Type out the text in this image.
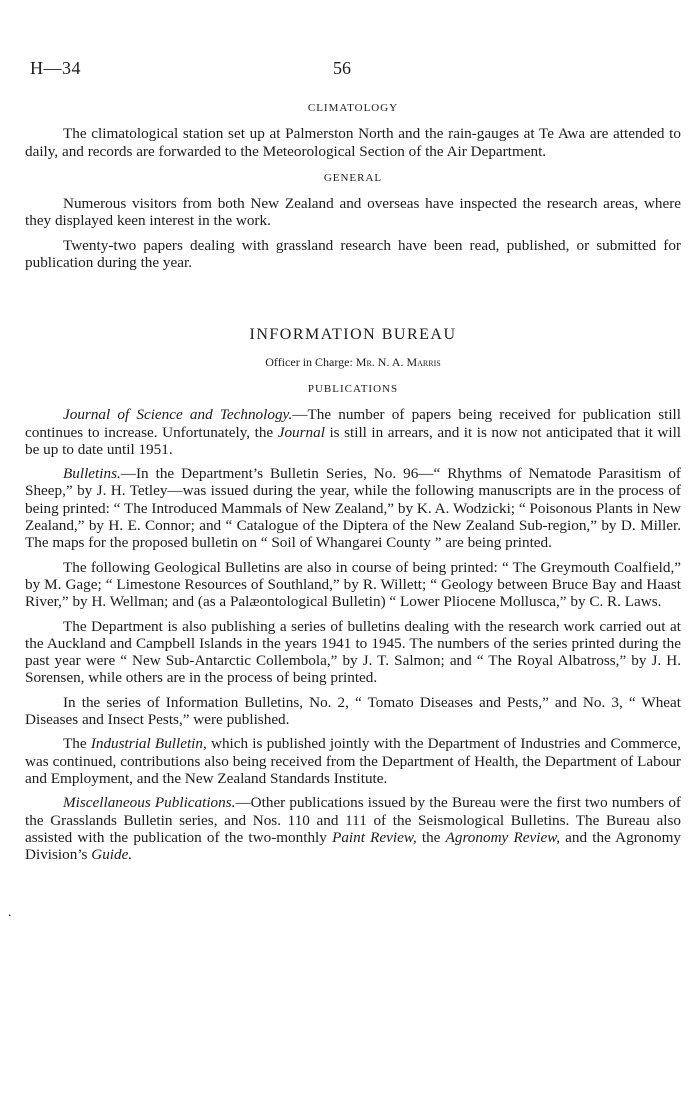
H—34	56
.
CLIMATOLOGY

The climatological station set up at Palmerston North and the rain-gauges at Te Awa are attended to daily, and records are forwarded to the Meteorological Section of the Air Department.

GENERAL

Numerous visitors from both New Zealand and overseas have inspected the research areas, where they displayed keen interest in the work.

Twenty-two papers dealing with grassland research have been read, published, or submitted for publication during the year.

INFORMATION BUREAU
Officer in Charge: Mr. N. A. Marris
PUBLICATIONS

Journal of Science and Technology.—The number of papers being received for publication still continues to increase. Unfortunately, the Journal is still in arrears, and it is now not anticipated that it will be up to date until 1951.

Bulletins.—In the Department’s Bulletin Series, No. 96—“ Rhythms of Nematode Parasitism of Sheep,” by J. H. Tetley—was issued during the year, while the following manuscripts are in the process of being printed: “ The Introduced Mammals of New Zealand,” by K. A. Wodzicki; “ Poisonous Plants in New Zealand,” by H. E. Connor; and “ Catalogue of the Diptera of the New Zealand Sub-region,” by D. Miller. The maps for the proposed bulletin on “ Soil of Whangarei County ” are being printed.

The following Geological Bulletins are also in course of being printed: “ The Greymouth Coalfield,” by M. Gage; “ Limestone Resources of Southland,” by R. Willett; “ Geology between Bruce Bay and Haast River,” by H. Wellman; and (as a Palæontological Bulletin) “ Lower Pliocene Mollusca,” by C. R. Laws.

The Department is also publishing a series of bulletins dealing with the research work carried out at the Auckland and Campbell Islands in the years 1941 to 1945. The numbers of the series printed during the past year were “ New Sub-Antarctic Collembola,” by J. T. Salmon; and “ The Royal Albatross,” by J. H. Sorensen, while others are in the process of being printed.

In the series of Information Bulletins, No. 2, “ Tomato Diseases and Pests,” and No. 3, “ Wheat Diseases and Insect Pests,” were published.

The Industrial Bulletin, which is published jointly with the Department of Industries and Commerce, was continued, contributions also being received from the Department of Health, the Department of Labour and Employment, and the New Zealand Standards Institute.

Miscellaneous Publications.—Other publications issued by the Bureau were the first two numbers of the Grasslands Bulletin series, and Nos. 110 and 111 of the Seismological Bulletins. The Bureau also assisted with the publication of the two-monthly Paint Review, the Agronomy Review, and the Agronomy Division’s Guide.
